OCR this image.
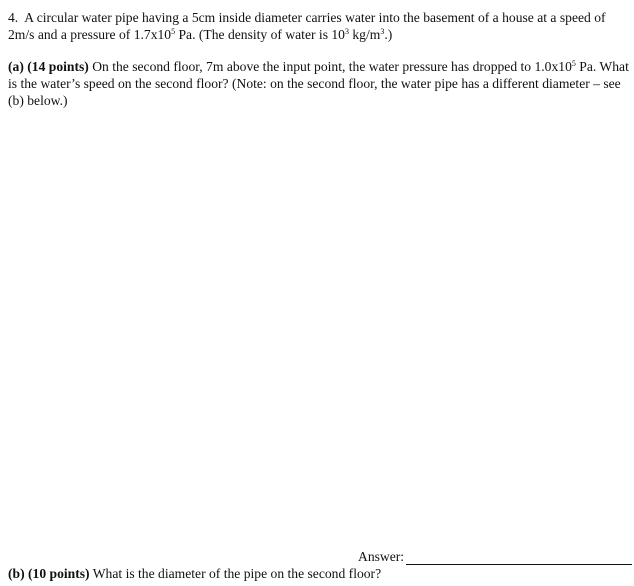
4. A circular water pipe having a 5cm inside diameter carries water into the basement of a house at a speed of 2m/s and a pressure of $1.7x10^5$ Pa. (The density of water is $10^3$ $kg/m^3$.)

(a) (14 points) On the second floor, 7m above the input point, the water pressure has dropped to $1.0x10^5$ Pa. What is the water’s speed on the second floor? (Note: on the second floor, the water pipe has a different diameter – see (b) below.)

Answer:

(b) (10 points) What is the diameter of the pipe on the second floor?
